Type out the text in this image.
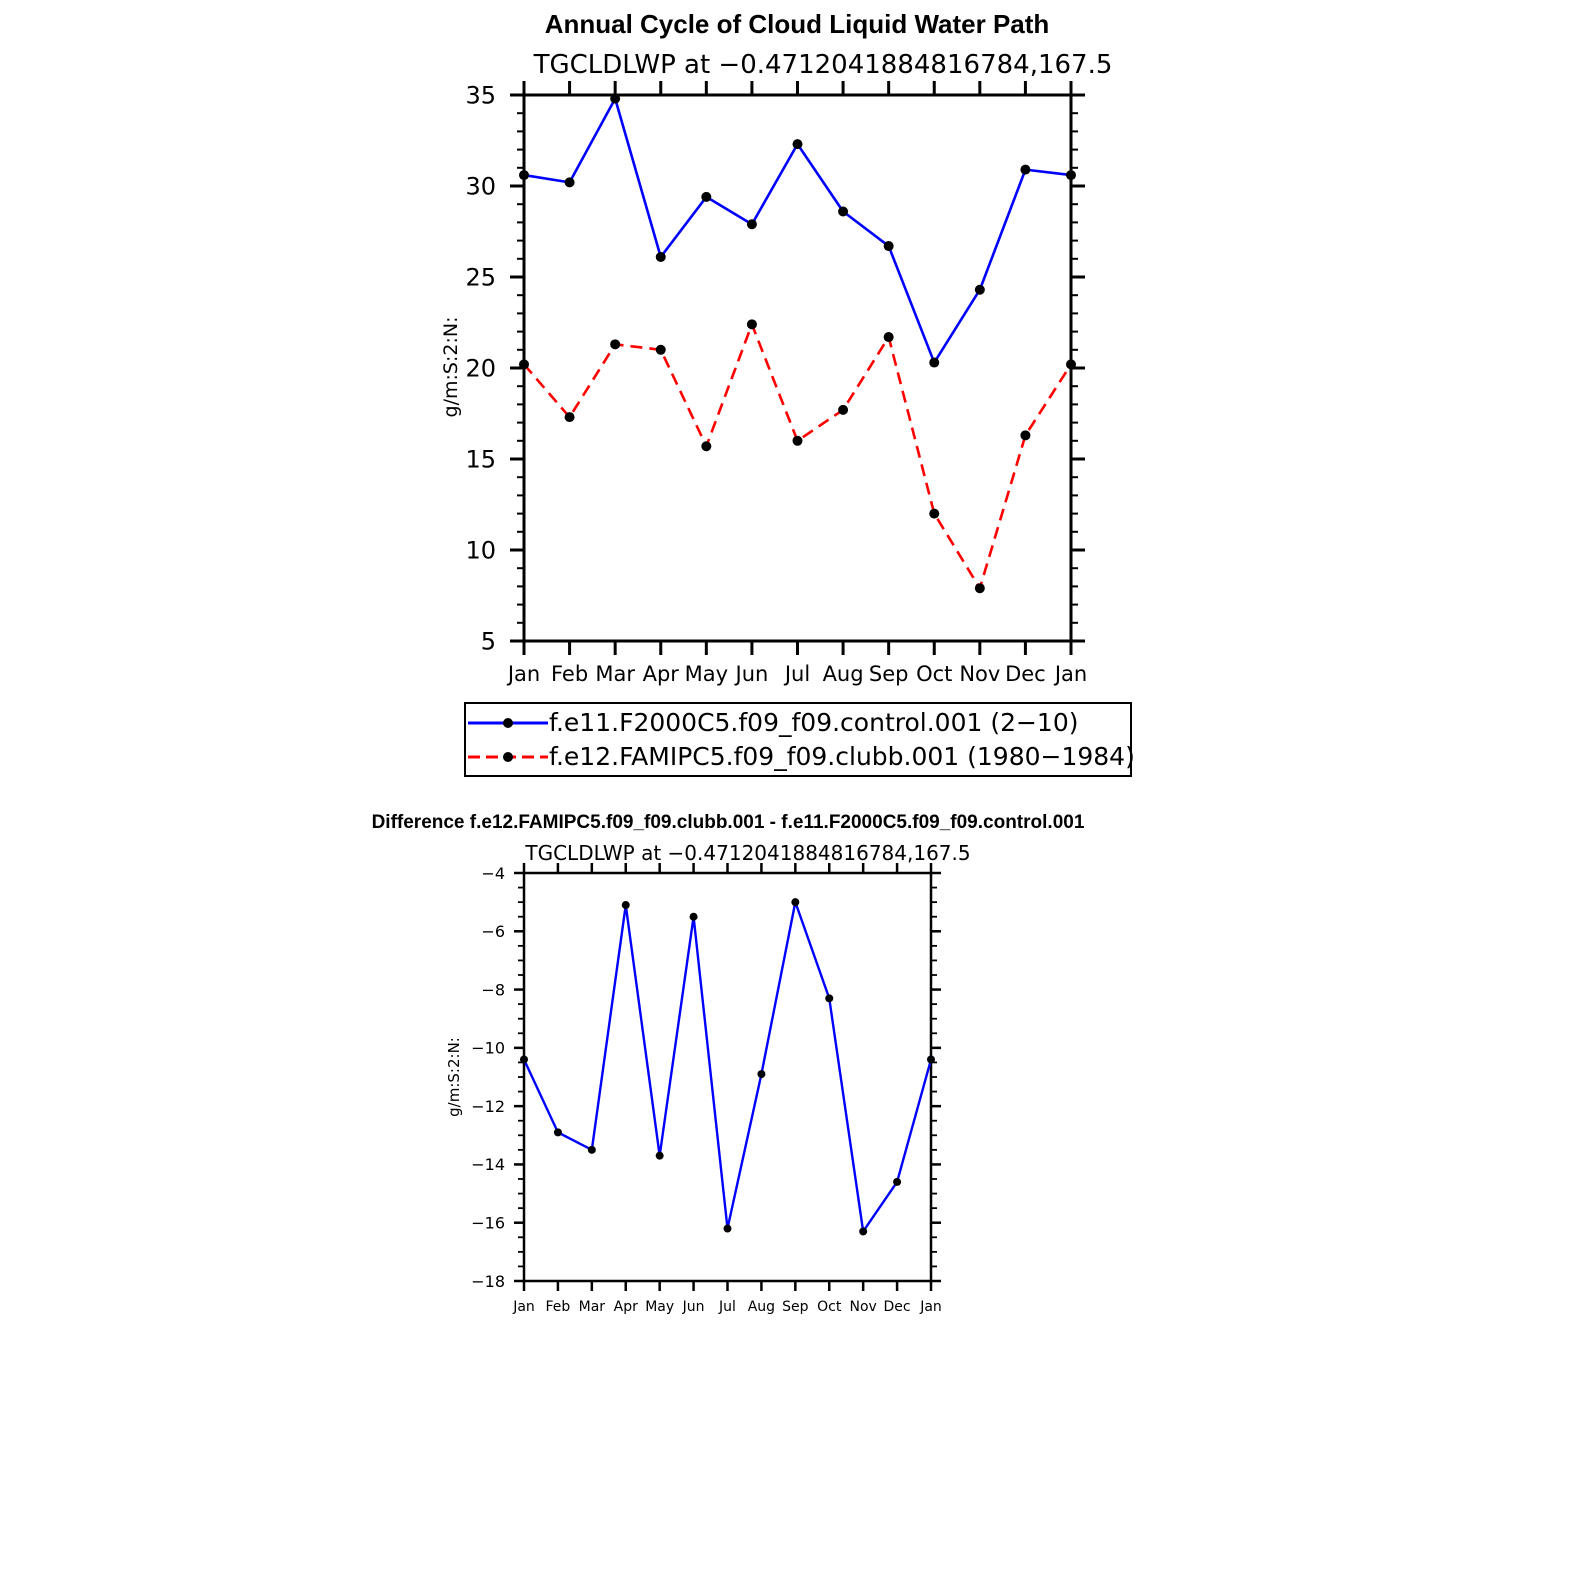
Annual Cycle of Cloud Liquid Water Path
TGCLDLWP at −0.4712041884816784,167.5
g/m:S:2:N:
Jan Feb Mar Apr May Jun Jul Aug Sep Oct Nov Dec Jan
5
10
15
20
25
30
35
f.e11.F2000C5.f09_f09.control.001 (2−10)
f.e12.FAMIPC5.f09_f09.clubb.001 (1980−1984)
Difference f.e12.FAMIPC5.f09_f09.clubb.001 - f.e11.F2000C5.f09_f09.control.001
TGCLDLWP at −0.4712041884816784,167.5
g/m:S:2:N:
Jan Feb Mar Apr May Jun Jul Aug Sep Oct Nov Dec Jan
−18
−16
−14
−12
−10
−8
−6
−4
